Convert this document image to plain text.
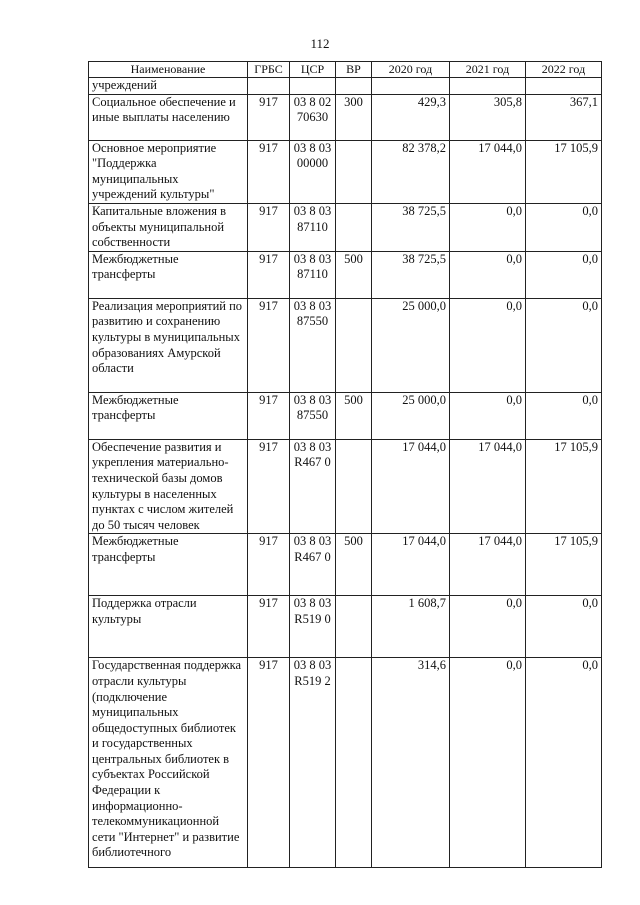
112
Наименование	ГРБС	ЦСР	ВР	2020 год	2021 год	2022 год
учреждений						
Социальное обеспечение и иные выплаты населению	917	03 8 02 70630	300	429,3	305,8	367,1
Основное мероприятие "Поддержка муниципальных учреждений культуры"	917	03 8 03 00000		82 378,2	17 044,0	17 105,9
Капитальные вложения в объекты муниципальной собственности	917	03 8 03 87110		38 725,5	0,0	0,0
Межбюджетные трансферты	917	03 8 03 87110	500	38 725,5	0,0	0,0
Реализация мероприятий по развитию и сохранению культуры в муниципальных образованиях Амурской области	917	03 8 03 87550		25 000,0	0,0	0,0
Межбюджетные трансферты	917	03 8 03 87550	500	25 000,0	0,0	0,0
Обеспечение развития и укрепления материально-технической базы домов культуры в населенных пунктах с числом жителей до 50 тысяч человек	917	03 8 03 R467 0		17 044,0	17 044,0	17 105,9
Межбюджетные трансферты	917	03 8 03 R467 0	500	17 044,0	17 044,0	17 105,9
Поддержка отрасли культуры	917	03 8 03 R519 0		1 608,7	0,0	0,0
Государственная поддержка отрасли культуры (подключение муниципальных общедоступных библиотек и государственных центральных библиотек в субъектах Российской Федерации к информационно-телекоммуникационной сети "Интернет" и развитие библиотечного	917	03 8 03 R519 2		314,6	0,0	0,0
